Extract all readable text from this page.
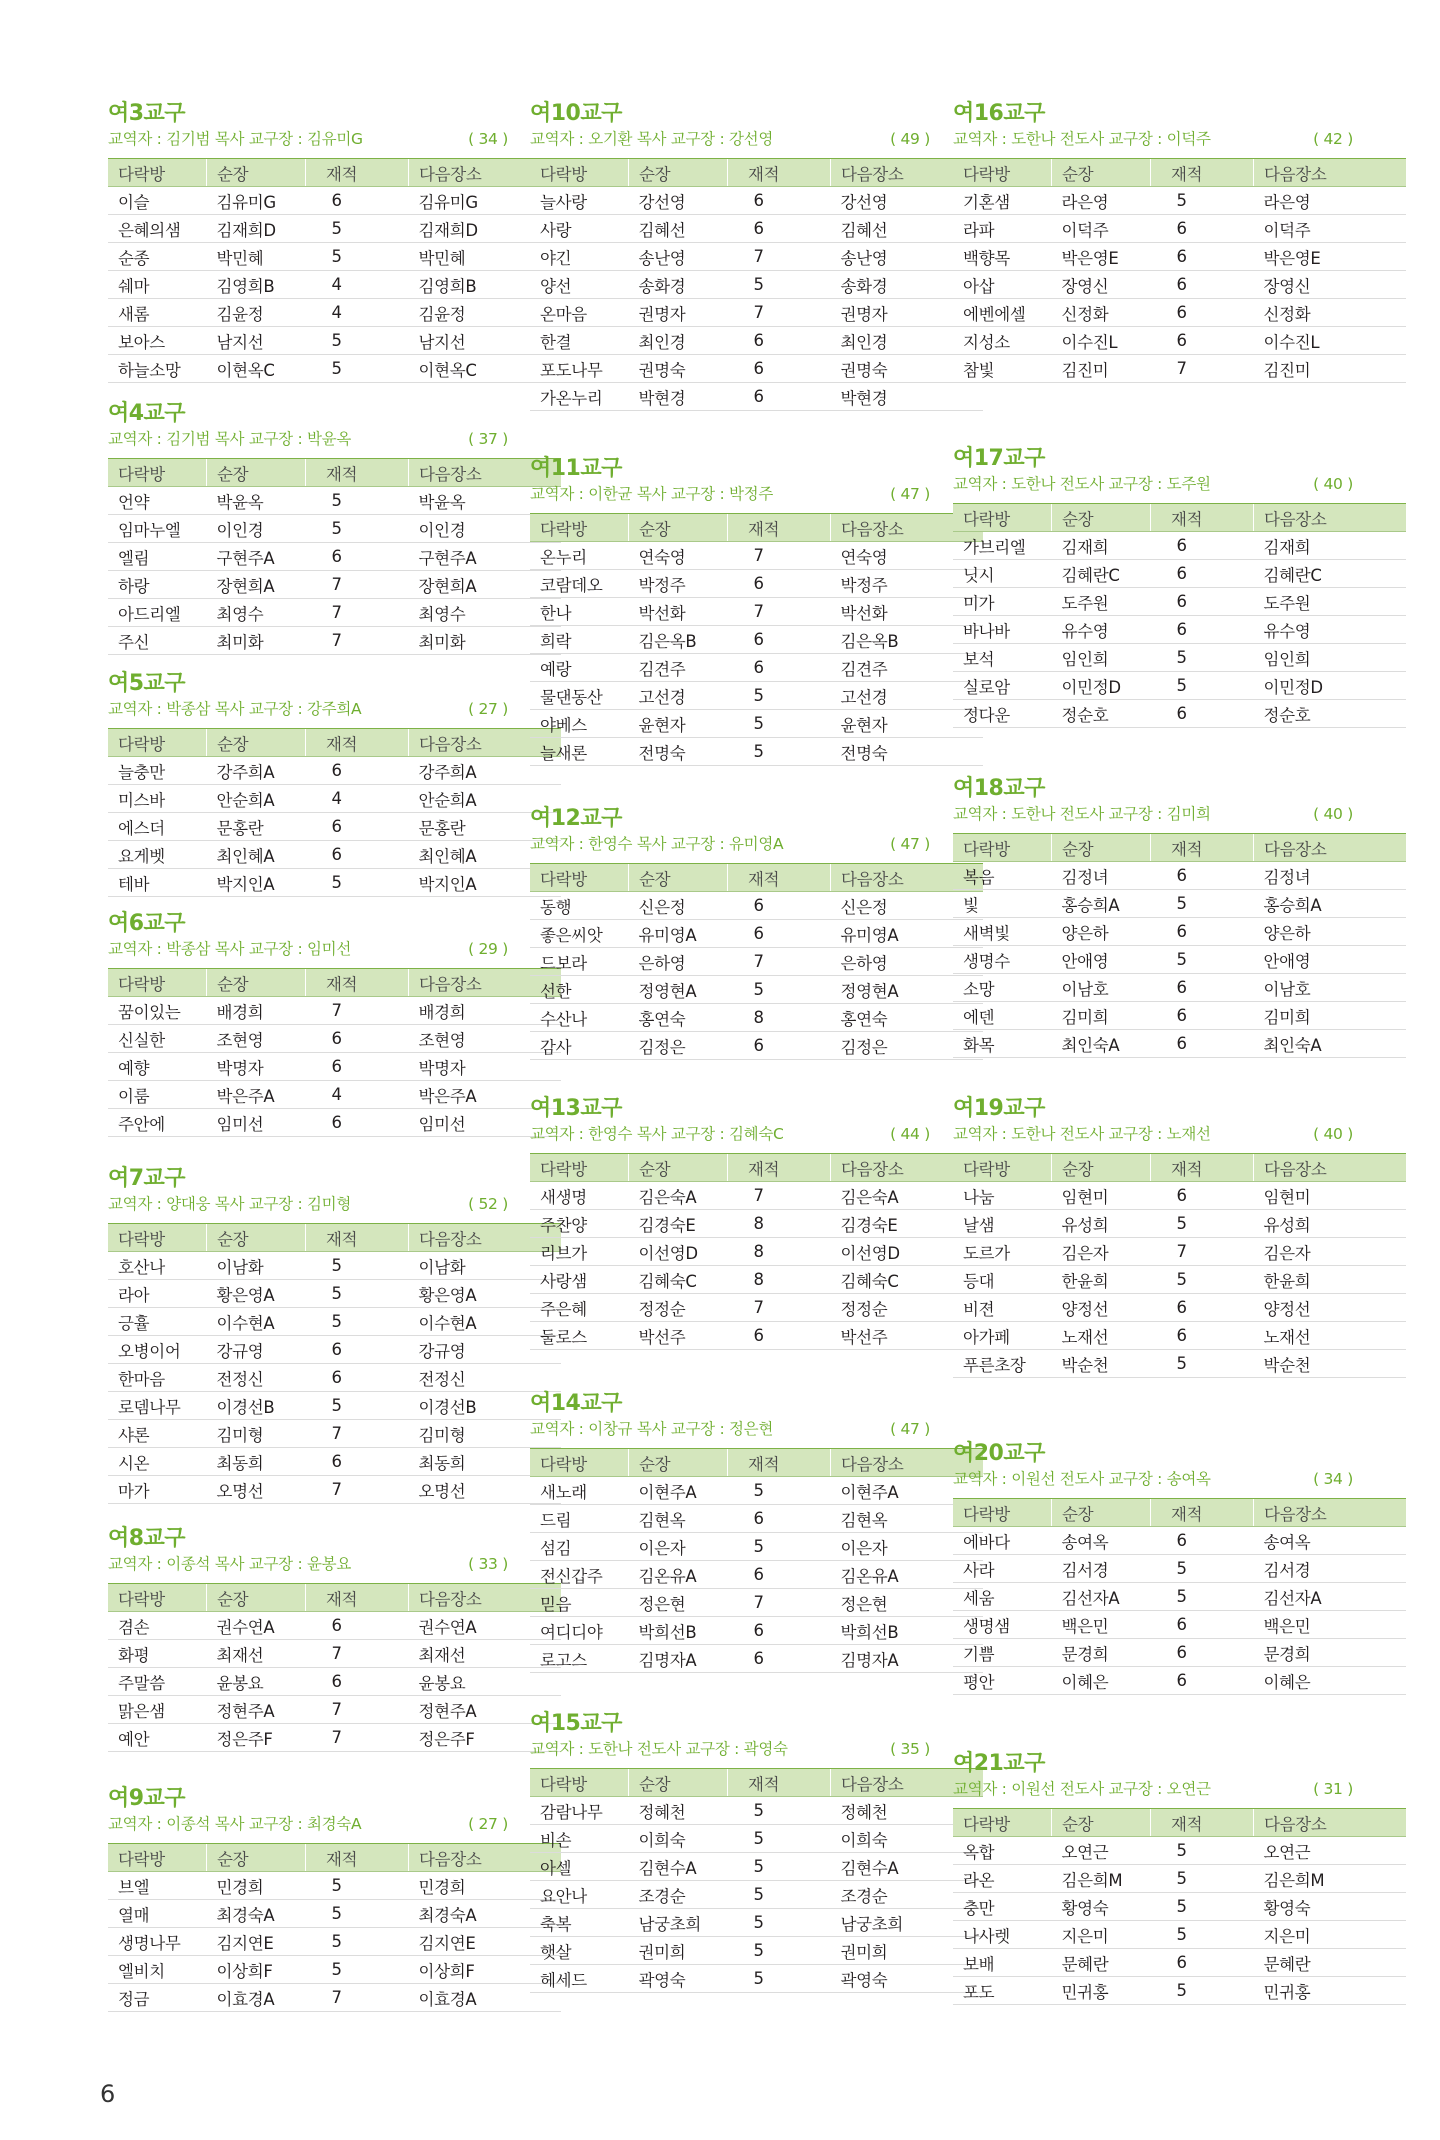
여3교구
교역자 : 김기범 목사 교구장 : 김유미G	( 34 )
다락방	순장	재적	다음장소
이슬	김유미G	6	김유미G
은혜의샘	김재희D	5	김재희D
순종	박민혜	5	박민혜
쉐마	김영희B	4	김영희B
새롬	김윤정	4	김윤정
보아스	남지선	5	남지선
하늘소망	이현옥C	5	이현옥C
여4교구
교역자 : 김기범 목사 교구장 : 박윤옥	( 37 )
다락방	순장	재적	다음장소
언약	박윤옥	5	박윤옥
임마누엘	이인경	5	이인경
엘림	구현주A	6	구현주A
하랑	장현희A	7	장현희A
아드리엘	최영수	7	최영수
주신	최미화	7	최미화
여5교구
교역자 : 박종삼 목사 교구장 : 강주희A	( 27 )
다락방	순장	재적	다음장소
늘충만	강주희A	6	강주희A
미스바	안순희A	4	안순희A
에스더	문홍란	6	문홍란
요게벳	최인혜A	6	최인혜A
테바	박지인A	5	박지인A
여6교구
교역자 : 박종삼 목사 교구장 : 임미선	( 29 )
다락방	순장	재적	다음장소
꿈이있는	배경희	7	배경희
신실한	조현영	6	조현영
예향	박명자	6	박명자
이룸	박은주A	4	박은주A
주안에	임미선	6	임미선
여7교구
교역자 : 양대웅 목사 교구장 : 김미형	( 52 )
다락방	순장	재적	다음장소
호산나	이남화	5	이남화
라아	황은영A	5	황은영A
긍휼	이수현A	5	이수현A
오병이어	강규영	6	강규영
한마음	전정신	6	전정신
로뎀나무	이경선B	5	이경선B
샤론	김미형	7	김미형
시온	최동희	6	최동희
마가	오명선	7	오명선
여8교구
교역자 : 이종석 목사 교구장 : 윤봉요	( 33 )
다락방	순장	재적	다음장소
겸손	권수연A	6	권수연A
화평	최재선	7	최재선
주말씀	윤봉요	6	윤봉요
맑은샘	정현주A	7	정현주A
예안	정은주F	7	정은주F
여9교구
교역자 : 이종석 목사 교구장 : 최경숙A	( 27 )
다락방	순장	재적	다음장소
브엘	민경희	5	민경희
열매	최경숙A	5	최경숙A
생명나무	김지연E	5	김지연E
엘비치	이상희F	5	이상희F
정금	이효경A	7	이효경A
여10교구
교역자 : 오기환 목사 교구장 : 강선영	( 49 )
다락방	순장	재적	다음장소
늘사랑	강선영	6	강선영
사랑	김혜선	6	김혜선
야긴	송난영	7	송난영
양선	송화경	5	송화경
온마음	권명자	7	권명자
한결	최인경	6	최인경
포도나무	권명숙	6	권명숙
가온누리	박현경	6	박현경
여11교구
교역자 : 이한균 목사 교구장 : 박정주	( 47 )
다락방	순장	재적	다음장소
온누리	연숙영	7	연숙영
코람데오	박정주	6	박정주
한나	박선화	7	박선화
희락	김은옥B	6	김은옥B
예랑	김견주	6	김견주
물댄동산	고선경	5	고선경
야베스	윤현자	5	윤현자
늘새론	전명숙	5	전명숙
여12교구
교역자 : 한영수 목사 교구장 : 유미영A	( 47 )
다락방	순장	재적	다음장소
동행	신은정	6	신은정
좋은씨앗	유미영A	6	유미영A
드보라	은하영	7	은하영
선한	정영현A	5	정영현A
수산나	홍연숙	8	홍연숙
감사	김정은	6	김정은
여13교구
교역자 : 한영수 목사 교구장 : 김혜숙C	( 44 )
다락방	순장	재적	다음장소
새생명	김은숙A	7	김은숙A
주찬양	김경숙E	8	김경숙E
리브가	이선영D	8	이선영D
사랑샘	김혜숙C	8	김혜숙C
주은혜	정정순	7	정정순
둘로스	박선주	6	박선주
여14교구
교역자 : 이창규 목사 교구장 : 정은현	( 47 )
다락방	순장	재적	다음장소
새노래	이현주A	5	이현주A
드림	김현옥	6	김현옥
섬김	이은자	5	이은자
전신갑주	김온유A	6	김온유A
믿음	정은현	7	정은현
여디디야	박희선B	6	박희선B
로고스	김명자A	6	김명자A
여15교구
교역자 : 도한나 전도사 교구장 : 곽영숙	( 35 )
다락방	순장	재적	다음장소
감람나무	정혜천	5	정혜천
비손	이희숙	5	이희숙
아셀	김현수A	5	김현수A
요안나	조경순	5	조경순
축복	남궁초희	5	남궁초희
햇살	권미희	5	권미희
헤세드	곽영숙	5	곽영숙
여16교구
교역자 : 도한나 전도사 교구장 : 이덕주	( 42 )
다락방	순장	재적	다음장소
기혼샘	라은영	5	라은영
라파	이덕주	6	이덕주
백향목	박은영E	6	박은영E
아삽	장영신	6	장영신
에벤에셀	신정화	6	신정화
지성소	이수진L	6	이수진L
참빛	김진미	7	김진미
여17교구
교역자 : 도한나 전도사 교구장 : 도주원	( 40 )
다락방	순장	재적	다음장소
가브리엘	김재희	6	김재희
닛시	김혜란C	6	김혜란C
미가	도주원	6	도주원
바나바	유수영	6	유수영
보석	임인희	5	임인희
실로암	이민정D	5	이민정D
정다운	정순호	6	정순호
여18교구
교역자 : 도한나 전도사 교구장 : 김미희	( 40 )
다락방	순장	재적	다음장소
복음	김정녀	6	김정녀
빛	홍승희A	5	홍승희A
새벽빛	양은하	6	양은하
생명수	안애영	5	안애영
소망	이남호	6	이남호
에덴	김미희	6	김미희
화목	최인숙A	6	최인숙A
여19교구
교역자 : 도한나 전도사 교구장 : 노재선	( 40 )
다락방	순장	재적	다음장소
나눔	임현미	6	임현미
날샘	유성희	5	유성희
도르가	김은자	7	김은자
등대	한윤희	5	한윤희
비젼	양정선	6	양정선
아가페	노재선	6	노재선
푸른초장	박순천	5	박순천
여20교구
교역자 : 이원선 전도사 교구장 : 송여옥	( 34 )
다락방	순장	재적	다음장소
에바다	송여옥	6	송여옥
사라	김서경	5	김서경
세움	김선자A	5	김선자A
생명샘	백은민	6	백은민
기쁨	문경희	6	문경희
평안	이혜은	6	이혜은
여21교구
교역자 : 이원선 전도사 교구장 : 오연근	( 31 )
다락방	순장	재적	다음장소
옥합	오연근	5	오연근
라온	김은희M	5	김은희M
충만	황영숙	5	황영숙
나사렛	지은미	5	지은미
보배	문혜란	6	문혜란
포도	민귀홍	5	민귀홍
6
